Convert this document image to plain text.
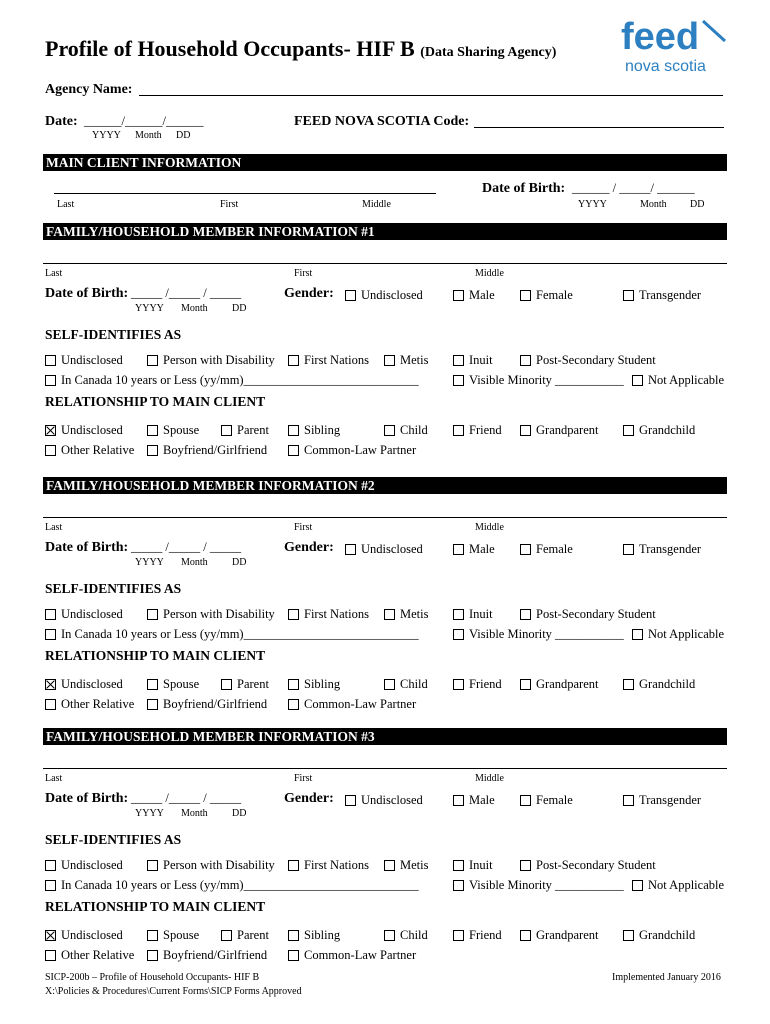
Profile of Household Occupants- HIF B (Data Sharing Agency) feed
nova scotia
Agency Name:
Date: ______/______/______
YYYY Month DD
FEED NOVA SCOTIA Code:
MAIN CLIENT INFORMATION
Last	First	Middle
Date of Birth: ______ / _____/ ______
YYYY	Month DD
FAMILY/HOUSEHOLD MEMBER INFORMATION #1
Last	First	Middle
Date of Birth: _____ /_____ / _____
YYYY Month DD
Gender: Undisclosed	Male	Female	Transgender
SELF-IDENTIFIES AS
Undisclosed	Person with Disability First Nations Metis	Inuit	Post-Secondary Student
In Canada 10 years or Less (yy/mm)____________________________	Visible Minority ___________ Not Applicable
RELATIONSHIP TO MAIN CLIENT
Undisclosed	Spouse	Parent	Sibling	Child	Friend	Grandparent	Grandchild
Other Relative Boyfriend/Girlfriend	Common-Law Partner
FAMILY/HOUSEHOLD MEMBER INFORMATION #2
Last	First	Middle
Date of Birth: _____ /_____ / _____
YYYY Month DD
Gender: Undisclosed	Male	Female	Transgender
SELF-IDENTIFIES AS
Undisclosed	Person with Disability First Nations Metis	Inuit	Post-Secondary Student
In Canada 10 years or Less (yy/mm)____________________________	Visible Minority ___________ Not Applicable
RELATIONSHIP TO MAIN CLIENT
Undisclosed	Spouse	Parent	Sibling	Child	Friend	Grandparent	Grandchild
Other Relative Boyfriend/Girlfriend	Common-Law Partner
FAMILY/HOUSEHOLD MEMBER INFORMATION #3
Last	First	Middle
Date of Birth: _____ /_____ / _____
YYYY Month DD
Gender: Undisclosed	Male	Female	Transgender
SELF-IDENTIFIES AS
Undisclosed	Person with Disability First Nations Metis	Inuit	Post-Secondary Student
In Canada 10 years or Less (yy/mm)____________________________	Visible Minority ___________ Not Applicable
RELATIONSHIP TO MAIN CLIENT
Undisclosed	Spouse	Parent	Sibling	Child	Friend	Grandparent	Grandchild
Other Relative Boyfriend/Girlfriend	Common-Law Partner
SICP-200b – Profile of Household Occupants- HIF B
X:\Policies & Procedures\Current Forms\SICP Forms Approved
Implemented January 2016
